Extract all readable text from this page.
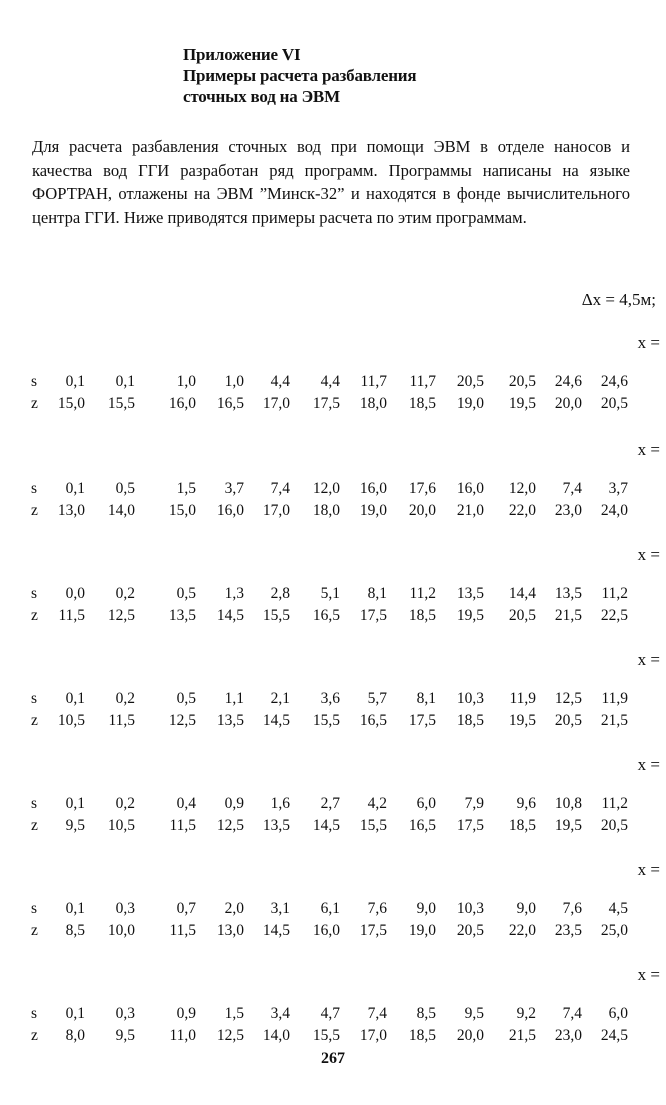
Приложение VI
Примеры расчета разбавления
сточных вод на ЭВМ
Для расчета разбавления сточных вод при помощи ЭВМ в отделе наносов и качества вод ГГИ разработан ряд программ. Программы написаны на языке ФОРТРАН, отлажены на ЭВМ ”Минск-32” и находятся в фонде вычислительного центра ГГИ. Ниже приводятся примеры расчета по этим программам.
Δx = 4,5м;
x =
s	0,1	0,1	1,0	1,0	4,4	4,4	11,7	11,7	20,5	20,5	24,6	24,6
z	15,0	15,5	16,0	16,5	17,0	17,5	18,0	18,5	19,0	19,5	20,0	20,5
x =
s	0,1	0,5	1,5	3,7	7,4	12,0	16,0	17,6	16,0	12,0	7,4	3,7
z	13,0	14,0	15,0	16,0	17,0	18,0	19,0	20,0	21,0	22,0	23,0	24,0
x =
s	0,0	0,2	0,5	1,3	2,8	5,1	8,1	11,2	13,5	14,4	13,5	11,2
z	11,5	12,5	13,5	14,5	15,5	16,5	17,5	18,5	19,5	20,5	21,5	22,5
x =
s	0,1	0,2	0,5	1,1	2,1	3,6	5,7	8,1	10,3	11,9	12,5	11,9
z	10,5	11,5	12,5	13,5	14,5	15,5	16,5	17,5	18,5	19,5	20,5	21,5
x =
s	0,1	0,2	0,4	0,9	1,6	2,7	4,2	6,0	7,9	9,6	10,8	11,2
z	9,5	10,5	11,5	12,5	13,5	14,5	15,5	16,5	17,5	18,5	19,5	20,5
x =
s	0,1	0,3	0,7	2,0	3,1	6,1	7,6	9,0	10,3	9,0	7,6	4,5
z	8,5	10,0	11,5	13,0	14,5	16,0	17,5	19,0	20,5	22,0	23,5	25,0
x =
s	0,1	0,3	0,9	1,5	3,4	4,7	7,4	8,5	9,5	9,2	7,4	6,0
z	8,0	9,5	11,0	12,5	14,0	15,5	17,0	18,5	20,0	21,5	23,0	24,5
267
